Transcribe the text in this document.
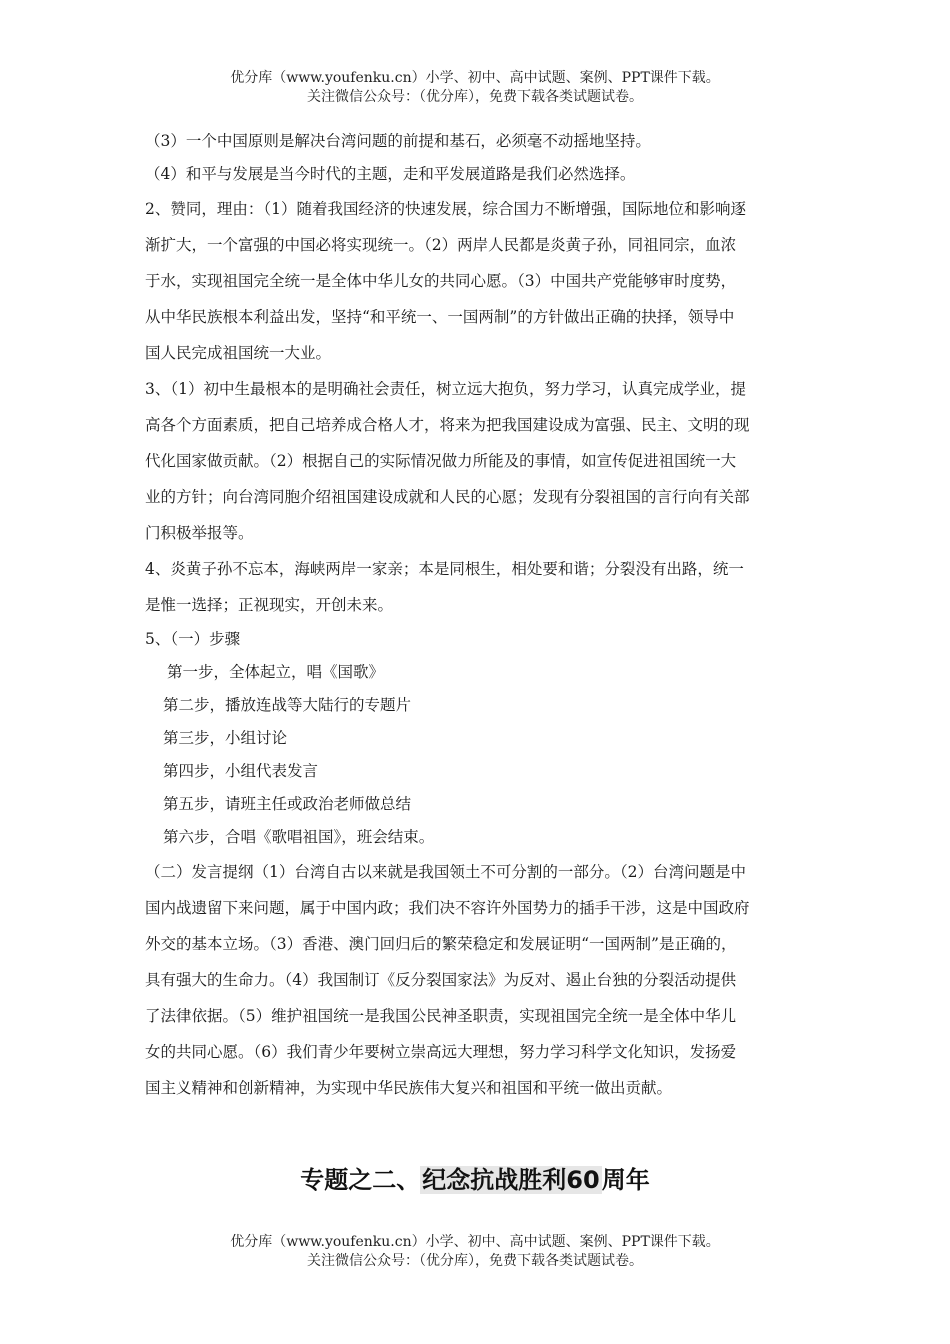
优分库（www.youfenku.cn）小学、初中、高中试题、案例、PPT课件下载。
关注微信公众号：（优分库），免费下载各类试题试卷。
（3）一个中国原则是解决台湾问题的前提和基石，必须毫不动摇地坚持。
（4）和平与发展是当今时代的主题，走和平发展道路是我们必然选择。
2、赞同，理由：（1）随着我国经济的快速发展，综合国力不断增强，国际地位和影响逐
渐扩大，一个富强的中国必将实现统一。（2）两岸人民都是炎黄子孙，同祖同宗，血浓
于水，实现祖国完全统一是全体中华儿女的共同心愿。（3）中国共产党能够审时度势，
从中华民族根本利益出发，坚持“和平统一、一国两制”的方针做出正确的抉择，领导中
国人民完成祖国统一大业。
3、（1）初中生最根本的是明确社会责任，树立远大抱负，努力学习，认真完成学业，提
高各个方面素质，把自己培养成合格人才，将来为把我国建设成为富强、民主、文明的现
代化国家做贡献。（2）根据自己的实际情况做力所能及的事情，如宣传促进祖国统一大
业的方针；向台湾同胞介绍祖国建设成就和人民的心愿；发现有分裂祖国的言行向有关部
门积极举报等。
4、炎黄子孙不忘本，海峡两岸一家亲；本是同根生，相处要和谐；分裂没有出路，统一
是惟一选择；正视现实，开创未来。
5、（一）步骤
第一步，全体起立，唱《国歌》
第二步，播放连战等大陆行的专题片
第三步，小组讨论
第四步，小组代表发言
第五步，请班主任或政治老师做总结
第六步，合唱《歌唱祖国》，班会结束。
（二）发言提纲（1）台湾自古以来就是我国领土不可分割的一部分。（2）台湾问题是中
国内战遗留下来问题，属于中国内政；我们决不容许外国势力的插手干涉，这是中国政府
外交的基本立场。（3）香港、澳门回归后的繁荣稳定和发展证明“一国两制”是正确的，
具有强大的生命力。（4）我国制订《反分裂国家法》为反对、遏止台独的分裂活动提供
了法律依据。（5）维护祖国统一是我国公民神圣职责，实现祖国完全统一是全体中华儿
女的共同心愿。（6）我们青少年要树立崇高远大理想，努力学习科学文化知识，发扬爱
国主义精神和创新精神，为实现中华民族伟大复兴和祖国和平统一做出贡献。
专题之二、纪念抗战胜利60周年
优分库（www.youfenku.cn）小学、初中、高中试题、案例、PPT课件下载。
关注微信公众号：（优分库），免费下载各类试题试卷。
